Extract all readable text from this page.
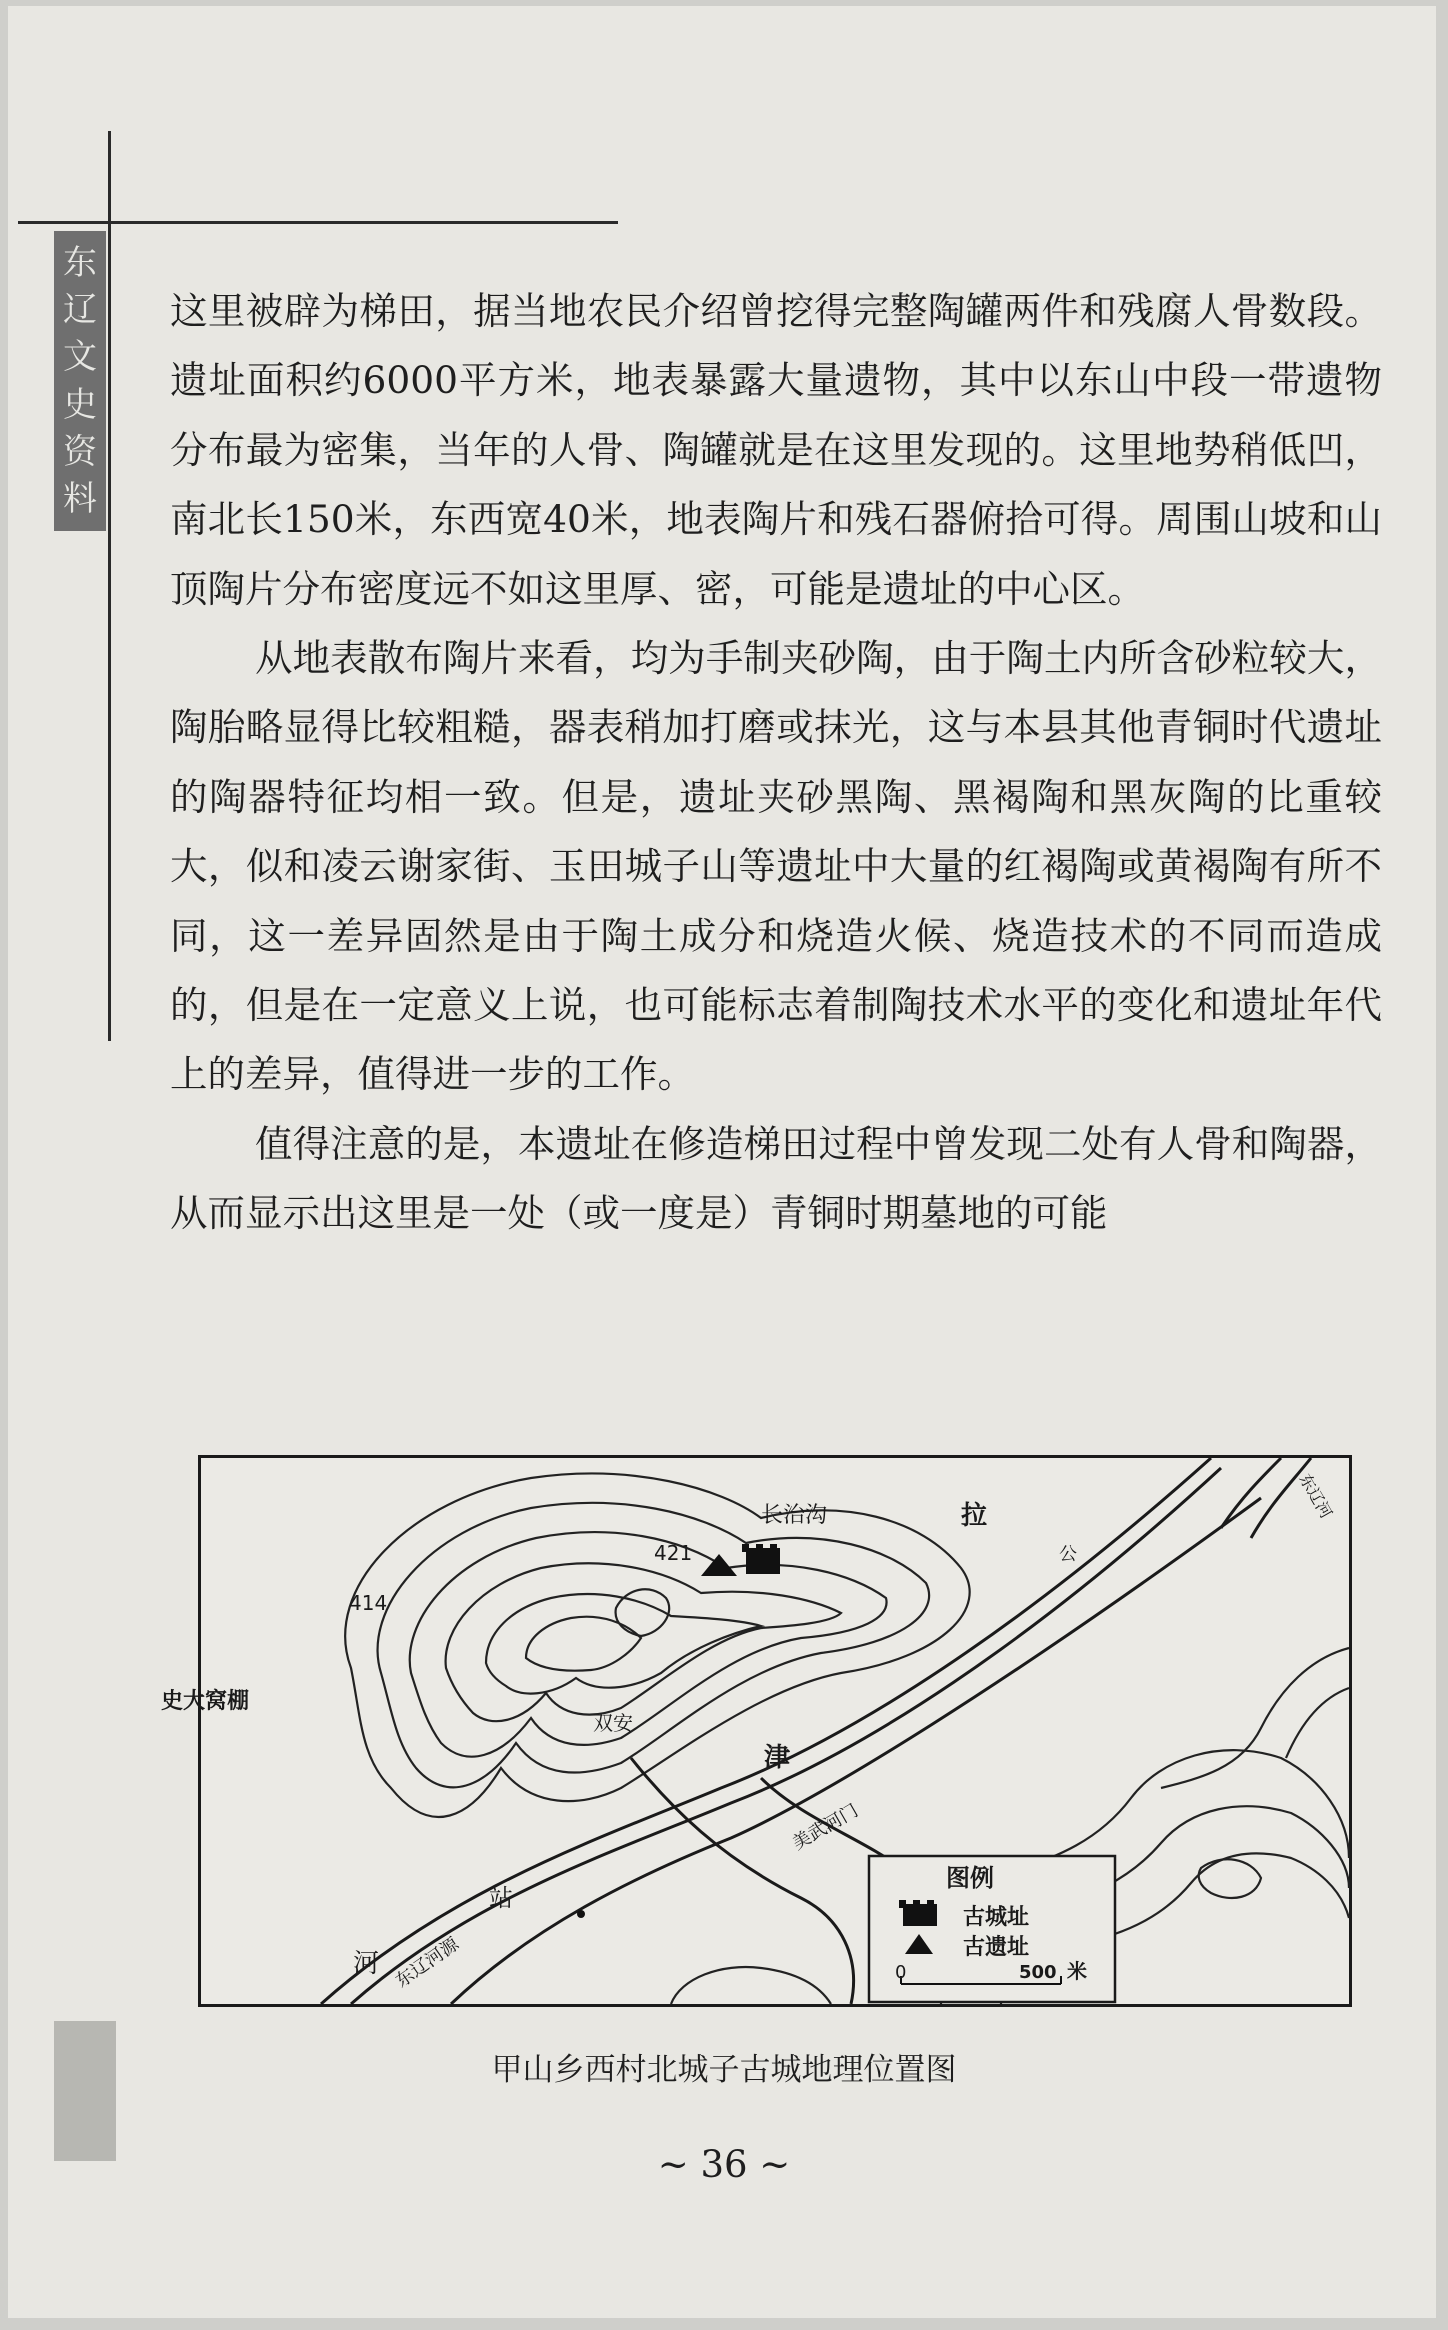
东
辽
文
史
资
料

这里被辟为梯田，据当地农民介绍曾挖得完整陶罐两件和残腐人骨数段。遗址面积约6000平方米，地表暴露大量遗物，其中以东山中段一带遗物分布最为密集，当年的人骨、陶罐就是在这里发现的。这里地势稍低凹，南北长150米，东西宽40米，地表陶片和残石器俯拾可得。周围山坡和山顶陶片分布密度远不如这里厚、密，可能是遗址的中心区。

从地表散布陶片来看，均为手制夹砂陶，由于陶土内所含砂粒较大，陶胎略显得比较粗糙，器表稍加打磨或抹光，这与本县其他青铜时代遗址的陶器特征均相一致。但是，遗址夹砂黑陶、黑褐陶和黑灰陶的比重较大，似和凌云谢家街、玉田城子山等遗址中大量的红褐陶或黄褐陶有所不同，这一差异固然是由于陶土成分和烧造火候、烧造技术的不同而造成的，但是在一定意义上说，也可能标志着制陶技术水平的变化和遗址年代上的差异，值得进一步的工作。

值得注意的是，本遗址在修造梯田过程中曾发现二处有人骨和陶器，从而显示出这里是一处（或一度是）青铜时期墓地的可能

长治沟
421
414
史大窝棚
双安
拉
公
津
站
河 东辽河源
美武河门
东辽河
图例
古城址
古遗址
0	500 米
甲山乡西村北城子古城地理位置图
~ 36 ~
